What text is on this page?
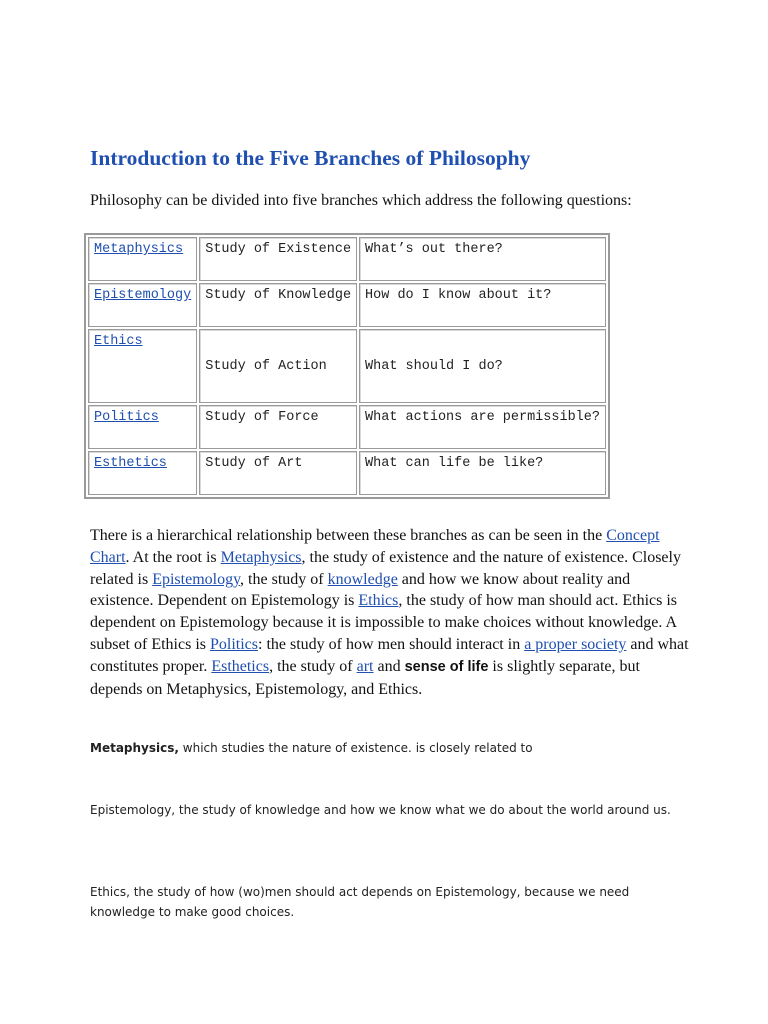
Introduction to the Five Branches of Philosophy

Philosophy can be divided into five branches which address the following questions:

Metaphysics	Study of Existence	What’s out there?
Epistemology	Study of Knowledge	How do I know about it?
Ethics	Study of Action	What should I do?
Politics	Study of Force	What actions are permissible?
Esthetics	Study of Art	What can life be like?

There is a hierarchical relationship between these branches as can be seen in the Concept Chart. At the root is Metaphysics, the study of existence and the nature of existence. Closely related is Epistemology, the study of knowledge and how we know about reality and existence. Dependent on Epistemology is Ethics, the study of how man should act. Ethics is dependent on Epistemology because it is impossible to make choices without knowledge. A subset of Ethics is Politics: the study of how men should interact in a proper society and what constitutes proper. Esthetics, the study of art and sense of life is slightly separate, but depends on Metaphysics, Epistemology, and Ethics.

Metaphysics, which studies the nature of existence. is closely related to

Epistemology, the study of knowledge and how we know what we do about the world around us.

Ethics, the study of how (wo)men should act depends on Epistemology, because we need knowledge to make good choices.
